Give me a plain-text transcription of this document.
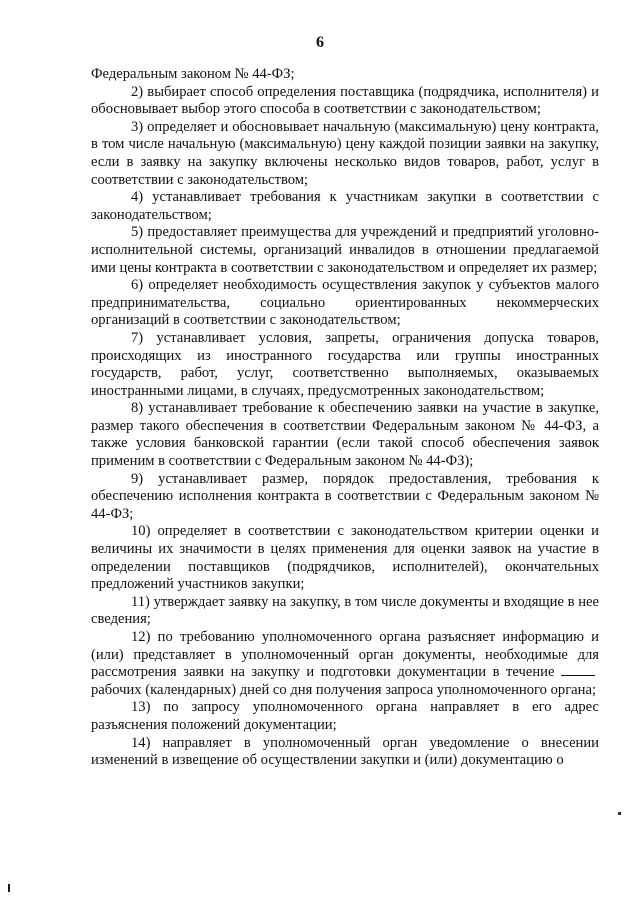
6

Федеральным законом № 44-ФЗ;

2) выбирает способ определения поставщика (подрядчика, исполнителя) и обосновывает выбор этого способа в соответствии с законодательством;

3) определяет и обосновывает начальную (максимальную) цену контракта, в том числе начальную (максимальную) цену каждой позиции заявки на закупку, если в заявку на закупку включены несколько видов товаров, работ, услуг в соответствии с законодательством;

4) устанавливает требования к участникам закупки в соответствии с законодательством;

5) предоставляет преимущества для учреждений и предприятий уголовно-исполнительной системы, организаций инвалидов в отношении предлагаемой ими цены контракта в соответствии с законодательством и определяет их размер;

6) определяет необходимость осуществления закупок у субъектов малого предпринимательства, социально ориентированных некоммерческих организаций в соответствии с законодательством;

7) устанавливает условия, запреты, ограничения допуска товаров, происходящих из иностранного государства или группы иностранных государств, работ, услуг, соответственно выполняемых, оказываемых иностранными лицами, в случаях, предусмотренных законодательством;

8) устанавливает требование к обеспечению заявки на участие в закупке, размер такого обеспечения в соответствии Федеральным законом № 44-ФЗ, а также условия банковской гарантии (если такой способ обеспечения заявок применим в соответствии с Федеральным законом № 44-ФЗ);

9) устанавливает размер, порядок предоставления, требования к обеспечению исполнения контракта в соответствии с Федеральным законом № 44-ФЗ;

10) определяет в соответствии с законодательством критерии оценки и величины их значимости в целях применения для оценки заявок на участие в определении поставщиков (подрядчиков, исполнителей), окончательных предложений участников закупки;

11) утверждает заявку на закупку, в том числе документы и входящие в нее сведения;

12) по требованию уполномоченного органа разъясняет информацию и (или) представляет в уполномоченный орган документы, необходимые для рассмотрения заявки на закупку и подготовки документации в течение рабочих (календарных) дней со дня получения запроса уполномоченного органа;

13) по запросу уполномоченного органа направляет в его адрес разъяснения положений документации;

14) направляет в уполномоченный орган уведомление о внесении изменений в извещение об осуществлении закупки и (или) документацию о
